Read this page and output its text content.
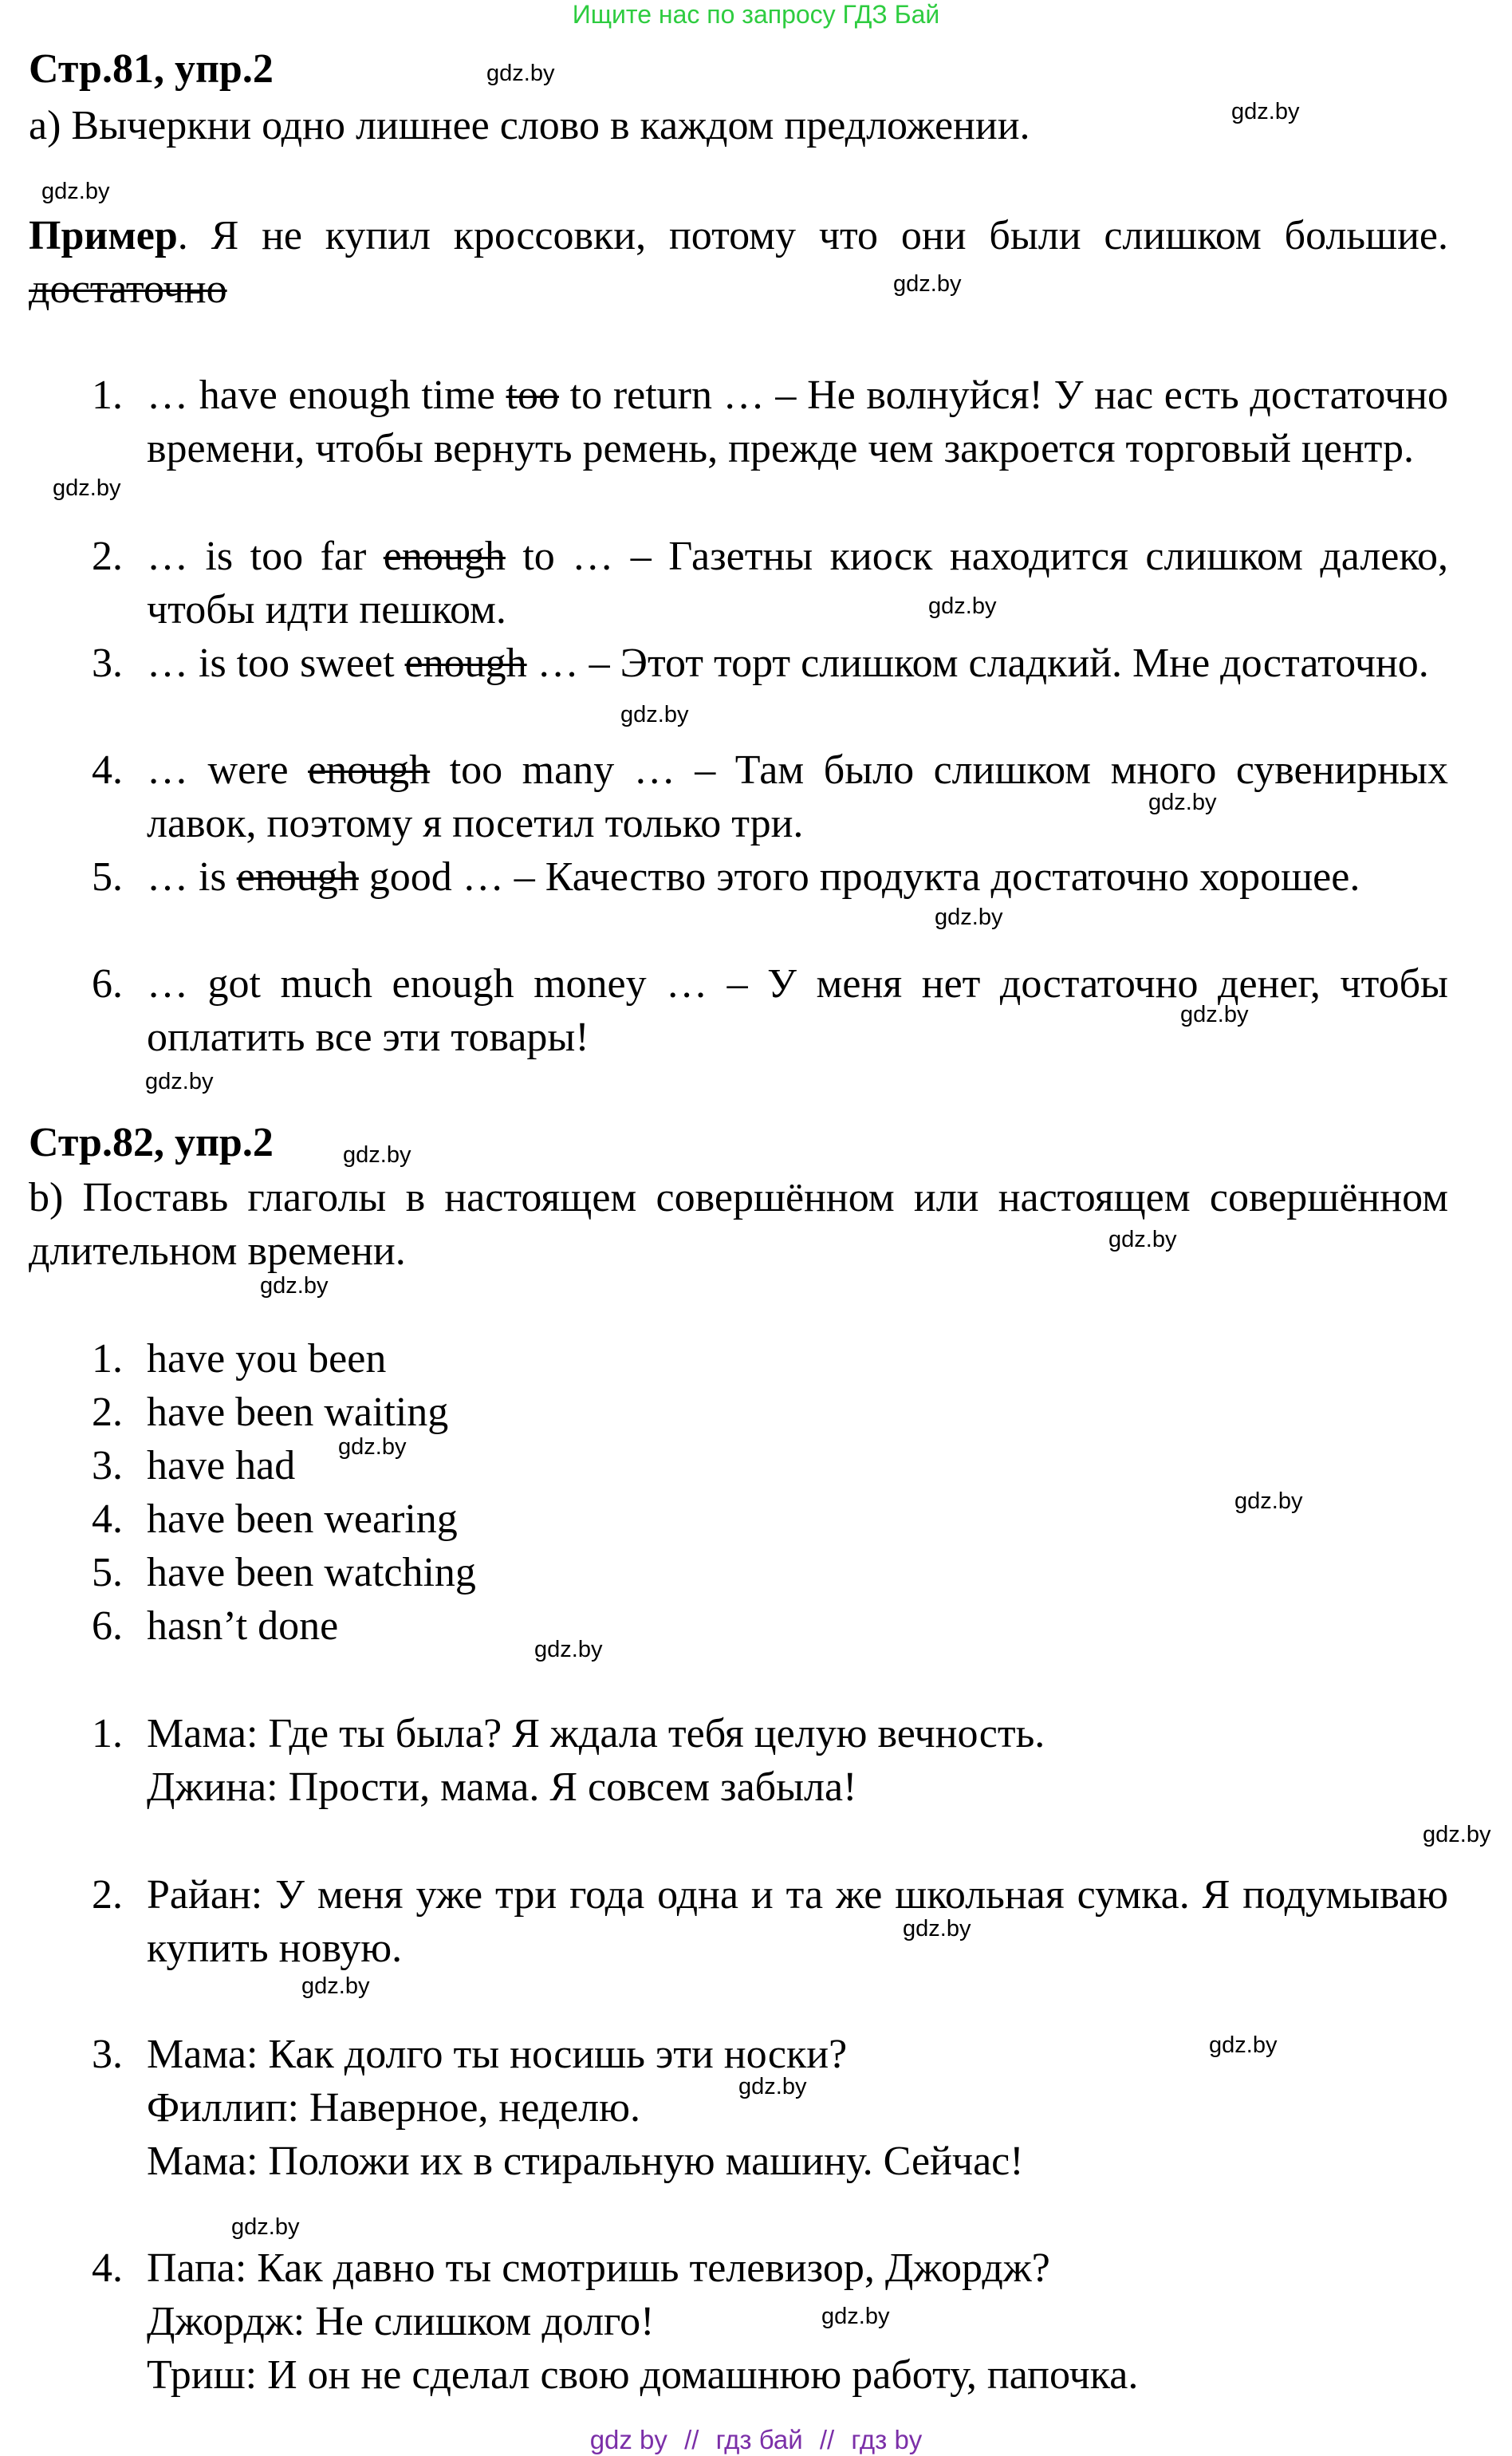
Ищите нас по запросу ГДЗ Бай
Стр.81, упр.2
а) Вычеркни одно лишнее слово в каждом предложении.
Пример. Я не купил кроссовки, потому что они были слишком большие. достаточно
1. … have enough time too to return … – Не волнуйся! У нас есть достаточно времени, чтобы вернуть ремень, прежде чем закроется торговый центр.
2. … is too far enough to … – Газетны киоск находится слишком далеко, чтобы идти пешком.
3. … is too sweet enough … – Этот торт слишком сладкий. Мне достаточно.
4. … were enough too many … – Там было слишком много сувенирных лавок, поэтому я посетил только три.
5. … is enough good … – Качество этого продукта достаточно хорошее.
6. … got much enough money … – У меня нет достаточно денег, чтобы оплатить все эти товары!
Стр.82, упр.2
b) Поставь глаголы в настоящем совершённом или настоящем совершённом длительном времени.
1. have you been
2. have been waiting
3. have had
4. have been wearing
5. have been watching
6. hasn’t done
1. Мама: Где ты была? Я ждала тебя целую вечность.
Джина: Прости, мама. Я совсем забыла!
2. Райан: У меня уже три года одна и та же школьная сумка. Я подумываю купить новую.
3. Мама: Как долго ты носишь эти носки?
Филлип: Наверное, неделю.
Мама: Положи их в стиральную машину. Сейчас!
4. Папа: Как давно ты смотришь телевизор, Джордж?
Джордж: Не слишком долго!
Триш: И он не сделал свою домашнюю работу, папочка.
gdz.by
gdz.by
gdz.by
gdz.by
gdz.by
gdz.by
gdz.by
gdz.by
gdz.by
gdz.by
gdz.by
gdz.by
gdz.by
gdz.by
gdz.by
gdz.by
gdz.by
gdz.by
gdz.by
gdz.by
gdz.by
gdz.by
gdz.by
gdz.by
gdz by // гдз бай // гдз by
